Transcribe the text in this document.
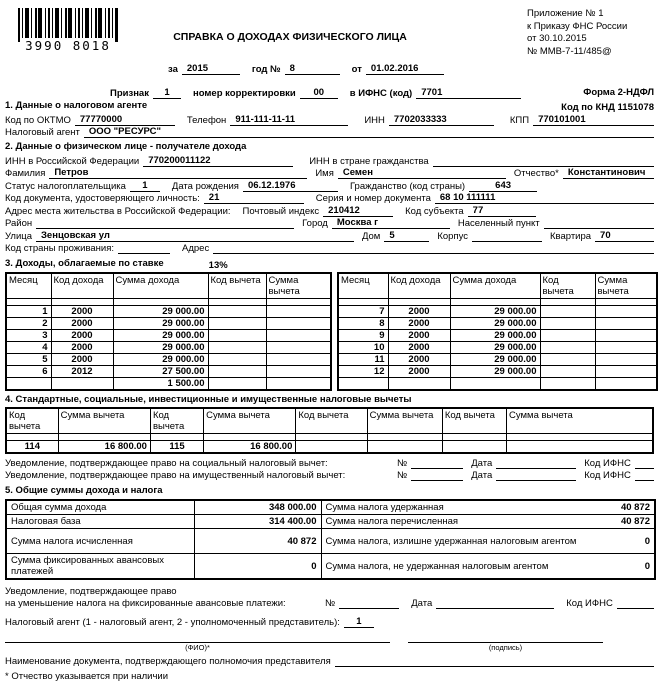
3990 8018
СПРАВКА О ДОХОДАХ ФИЗИЧЕСКОГО ЛИЦА
Приложение № 1
к Приказу ФНС России
от 30.10.2015
№ ММВ-7-11/485@
за 2015	год № 8	от 01.02.2016
Признак	1	номер корректировки	00	в ИФНС (код) 7701	Форма 2-НДФЛ
1. Данные о налоговом агенте	Код по КНД 1151078
Код по ОКТМО 77770000	Телефон 911-111-11-11	ИНН 7702033333	КПП 770101001
Налоговый агент ООО "РЕСУРС"
2. Данные о физическом лице - получателе дохода
ИНН в Российской Федерации 770200011122	ИНН в стране гражданства
Фамилия Петров	Имя Семен	Отчество* Константинович
Статус налогоплательщика	1	Дата рождения 06.12.1976	Гражданство (код страны)	643
Код документа, удостоверяющего личность: 21	Серия и номер документа 68 10 111111
Адрес места жительства в Российской Федерации:	Почтовый индекс 210412	Код субъекта 77
Район	Город Москва г	Населенный пункт
Улица Зенцовская ул	Дом 5	Корпус	Квартира 70
Код страны проживания:	Адрес
3. Доходы, облагаемые по ставке	13%
Месяц	Код дохода	Сумма дохода	Код вычета	Сумма вычета

1	2000	29 000.00		
2	2000	29 000.00		
3	2000	29 000.00		
4	2000	29 000.00		
5	2000	29 000.00		
6	2012	27 500.00		
		1 500.00		
Месяц	Код дохода	Сумма дохода	Код вычета	Сумма вычета

7	2000	29 000.00		
8	2000	29 000.00		
9	2000	29 000.00		
10	2000	29 000.00		
11	2000	29 000.00		
12	2000	29 000.00		

4. Стандартные, социальные, инвестиционные и имущественные налоговые вычеты
Код вычета	Сумма вычета	Код вычета	Сумма вычета	Код вычета	Сумма вычета	Код вычета	Сумма вычета

114	16 800.00	115	16 800.00				
Уведомление, подтверждающее право на социальный налоговый вычет:	№	Дата	Код ИФНС
Уведомление, подтверждающее право на имущественный налоговый вычет:	№	Дата	Код ИФНС
5. Общие суммы дохода и налога
Общая сумма дохода	348 000.00	Сумма налога удержанная 40 872

Налоговая база	314 400.00	Сумма налога перечисленная 40 872

Сумма налога исчисленная	40 872	Сумма налога, излишне удержанная налоговым агентом 0

Сумма фиксированных авансовых платежей	0	Сумма налога, не удержанная налоговым агентом 0
Уведомление, подтверждающее право
на уменьшение налога на фиксированные авансовые платежи:	№	Дата	Код ИФНС
Налоговый агент (1 - налоговый агент, 2 - уполномоченный представитель):	1
(ФИО)*	(подпись)
Наименование документа, подтверждающего полномочия представителя
* Отчество указывается при наличии
